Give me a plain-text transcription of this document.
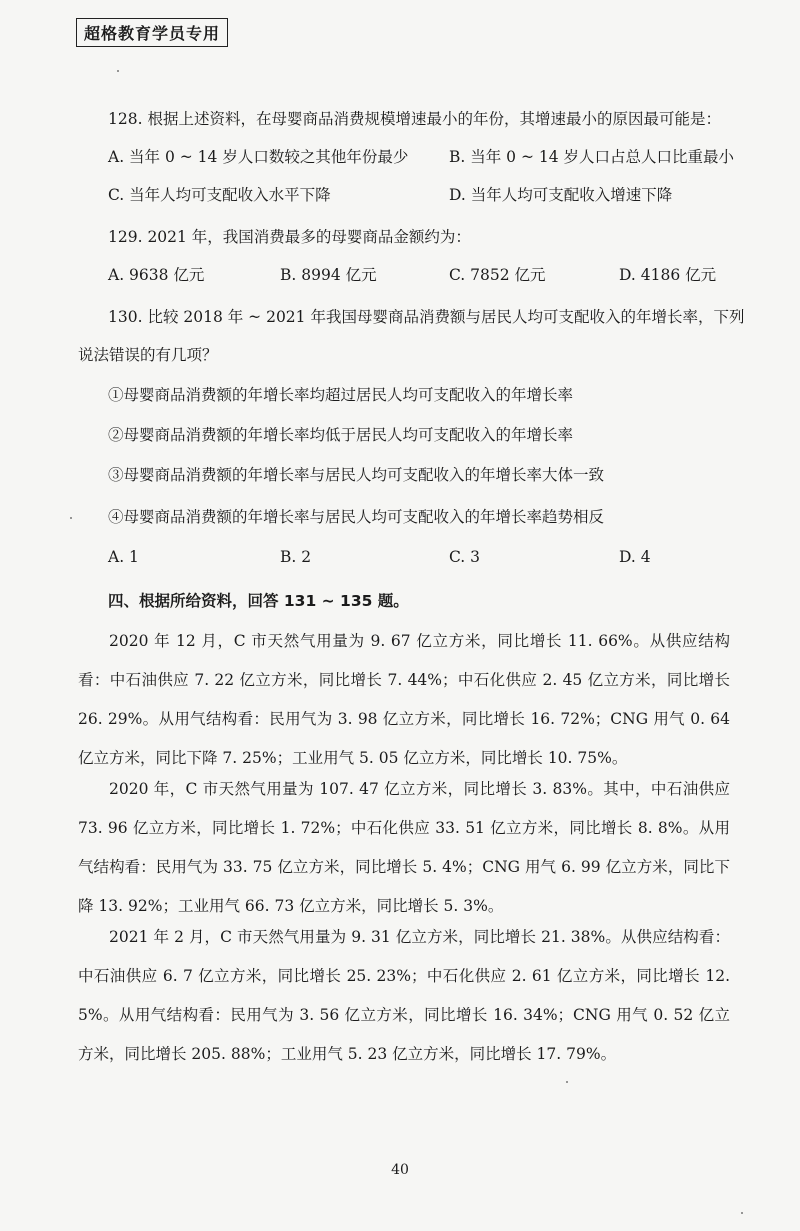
超格教育学员专用
128. 根据上述资料，在母婴商品消费规模增速最小的年份，其增速最小的原因最可能是：
A. 当年 0 ~ 14 岁人口数较之其他年份最少	B. 当年 0 ~ 14 岁人口占总人口比重最小
C. 当年人均可支配收入水平下降	D. 当年人均可支配收入增速下降
129. 2021 年，我国消费最多的母婴商品金额约为：
A. 9638 亿元	B. 8994 亿元	C. 7852 亿元	D. 4186 亿元
130. 比较 2018 年 ~ 2021 年我国母婴商品消费额与居民人均可支配收入的年增长率，下列
说法错误的有几项？
①母婴商品消费额的年增长率均超过居民人均可支配收入的年增长率
②母婴商品消费额的年增长率均低于居民人均可支配收入的年增长率
③母婴商品消费额的年增长率与居民人均可支配收入的年增长率大体一致
④母婴商品消费额的年增长率与居民人均可支配收入的年增长率趋势相反
A. 1	B. 2	C. 3	D. 4
四、根据所给资料，回答 131 ~ 135 题。
2020 年 12 月，C 市天然气用量为 9. 67 亿立方米，同比增长 11. 66%。从供应结构看：中石油供应 7. 22 亿立方米，同比增长 7. 44%；中石化供应 2. 45 亿立方米，同比增长 26. 29%。从用气结构看：民用气为 3. 98 亿立方米，同比增长 16. 72%；CNG 用气 0. 64 亿立方米，同比下降 7. 25%；工业用气 5. 05 亿立方米，同比增长 10. 75%。
2020 年，C 市天然气用量为 107. 47 亿立方米，同比增长 3. 83%。其中，中石油供应 73. 96 亿立方米，同比增长 1. 72%；中石化供应 33. 51 亿立方米，同比增长 8. 8%。从用气结构看：民用气为 33. 75 亿立方米，同比增长 5. 4%；CNG 用气 6. 99 亿立方米，同比下降 13. 92%；工业用气 66. 73 亿立方米，同比增长 5. 3%。
2021 年 2 月，C 市天然气用量为 9. 31 亿立方米，同比增长 21. 38%。从供应结构看：中石油供应 6. 7 亿立方米，同比增长 25. 23%；中石化供应 2. 61 亿立方米，同比增长 12. 5%。从用气结构看：民用气为 3. 56 亿立方米，同比增长 16. 34%；CNG 用气 0. 52 亿立方米，同比增长 205. 88%；工业用气 5. 23 亿立方米，同比增长 17. 79%。
40
